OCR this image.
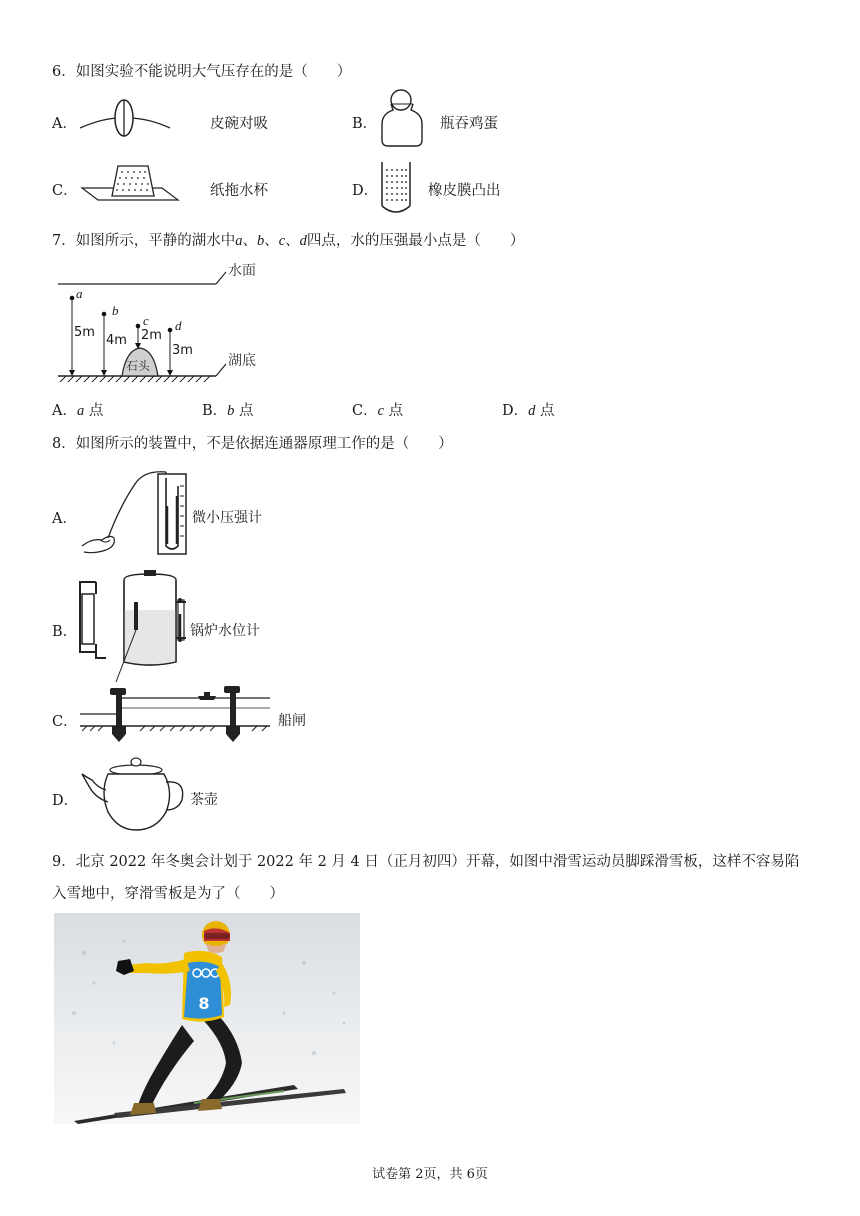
6．如图实验不能说明大气压存在的是（　　）
A．	皮碗对吸	B．	瓶吞鸡蛋
C．	纸拖水杯	D．	橡皮膜凸出
7．如图所示，平静的湖水中a、b、c、d四点，水的压强最小点是（　　）
水面
湖底
石头
a
b
c d
5m
4m 2m
3m
A．a 点	B．b 点	C．c 点	D．d 点
8．如图所示的装置中，不是依据连通器原理工作的是（　　）
A．	微小压强计
B．	锅炉水位计
C．	船闸
D．	茶壶
9．北京 2022 年冬奥会计划于 2022 年 2 月 4 日（正月初四）开幕，如图中滑雪运动员脚踩滑雪板，这样不容易陷
入雪地中，穿滑雪板是为了（　　）
8
试卷第 2页，共 6页
